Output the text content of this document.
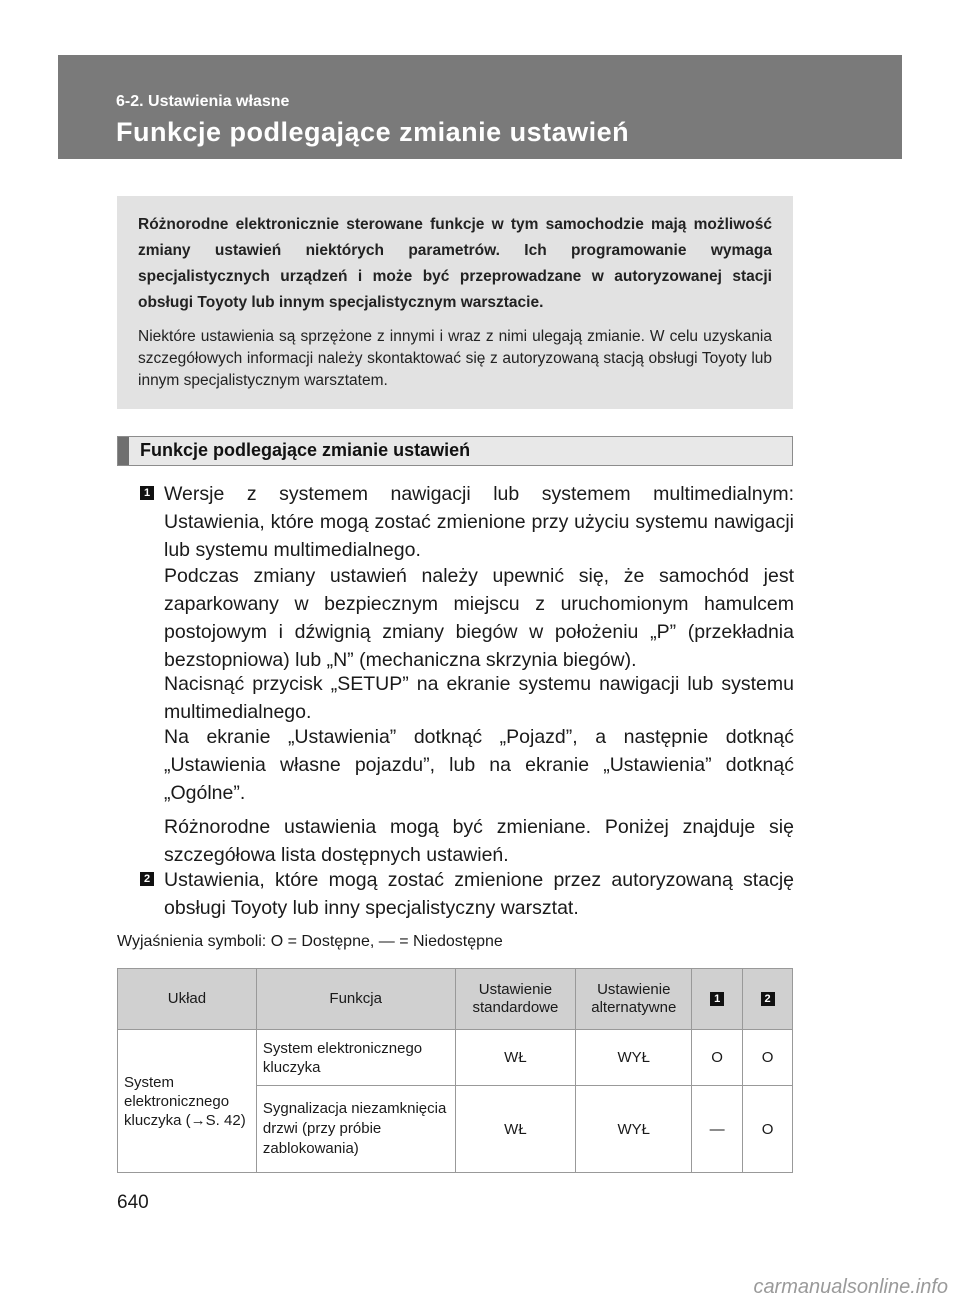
6-2. Ustawienia własne
Funkcje podlegające zmianie ustawień

Różnorodne elektronicznie sterowane funkcje w tym samochodzie mają możliwość zmiany ustawień niektórych parametrów. Ich programowanie wymaga specjalistycznych urządzeń i może być przeprowadzane w autoryzowanej stacji obsługi Toyoty lub innym specjalistycznym warsztacie.

Niektóre ustawienia są sprzężone z innymi i wraz z nimi ulegają zmianie. W celu uzyskania szczegółowych informacji należy skontaktować się z autoryzowaną stacją obsługi Toyoty lub innym specjalistycznym warsztatem.

Funkcje podlegające zmianie ustawień
1 Wersje z systemem nawigacji lub systemem multimedialnym: Ustawienia, które mogą zostać zmienione przy użyciu systemu nawigacji lub systemu multimedialnego.

Podczas zmiany ustawień należy upewnić się, że samochód jest zaparkowany w bezpiecznym miejscu z uruchomionym hamulcem postojowym i dźwignią zmiany biegów w położeniu „P” (przekładnia bezstopniowa) lub „N” (mechaniczna skrzynia biegów).

Nacisnąć przycisk „SETUP” na ekranie systemu nawigacji lub systemu multimedialnego.

Na ekranie „Ustawienia” dotknąć „Pojazd”, a następnie dotknąć „Ustawienia własne pojazdu”, lub na ekranie „Ustawienia” dotknąć „Ogólne”.

Różnorodne ustawienia mogą być zmieniane. Poniżej znajduje się szczegółowa lista dostępnych ustawień.

2 Ustawienia, które mogą zostać zmienione przez autoryzowaną stację obsługi Toyoty lub inny specjalistyczny warsztat.

Wyjaśnienia symboli: O = Dostępne, — = Niedostępne
Układ	Funkcja	Ustawienie standardowe	Ustawienie alternatywne	1	2
System elektronicznego kluczyka (→S. 42)	System elektronicznego kluczyka	WŁ	WYŁ	O	O
	Sygnalizacja niezamknięcia drzwi (przy próbie zablokowania)	WŁ	WYŁ	—	O
640
carmanualsonline.info
